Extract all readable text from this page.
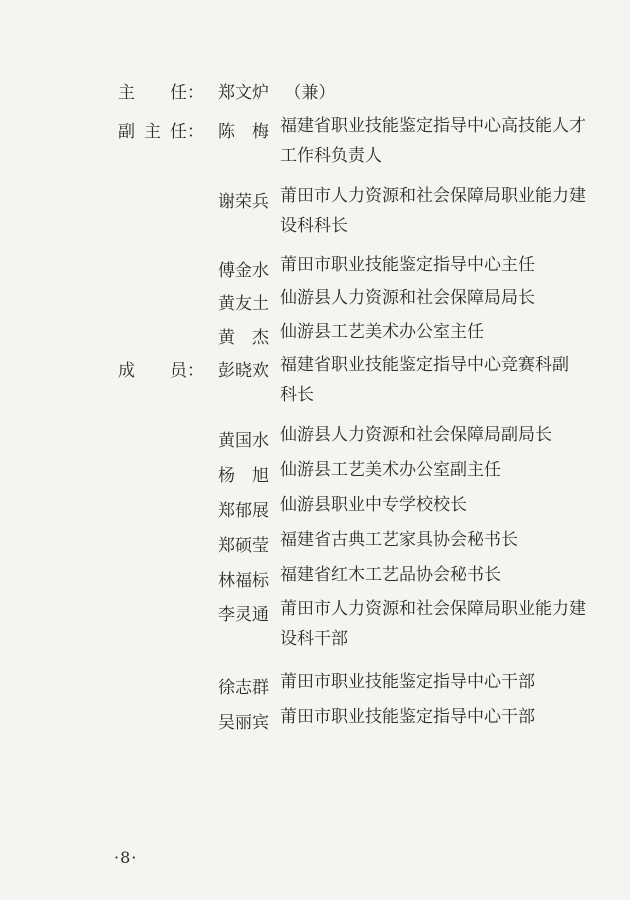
主 任： 郑文炉 （兼）
副 主 任：
成 员：
陈　梅 福建省职业技能鉴定指导中心高技能人才工作科负责人
谢荣兵 莆田市人力资源和社会保障局职业能力建设科科长
傅金水 莆田市职业技能鉴定指导中心主任
黄友土 仙游县人力资源和社会保障局局长
黄　杰 仙游县工艺美术办公室主任
彭晓欢 福建省职业技能鉴定指导中心竞赛科副科长
黄国水 仙游县人力资源和社会保障局副局长
杨　旭 仙游县工艺美术办公室副主任
郑郁展 仙游县职业中专学校校长
郑硕莹 福建省古典工艺家具协会秘书长
林福标 福建省红木工艺品协会秘书长
李灵通 莆田市人力资源和社会保障局职业能力建设科干部
徐志群 莆田市职业技能鉴定指导中心干部
吴丽宾 莆田市职业技能鉴定指导中心干部
·8·
